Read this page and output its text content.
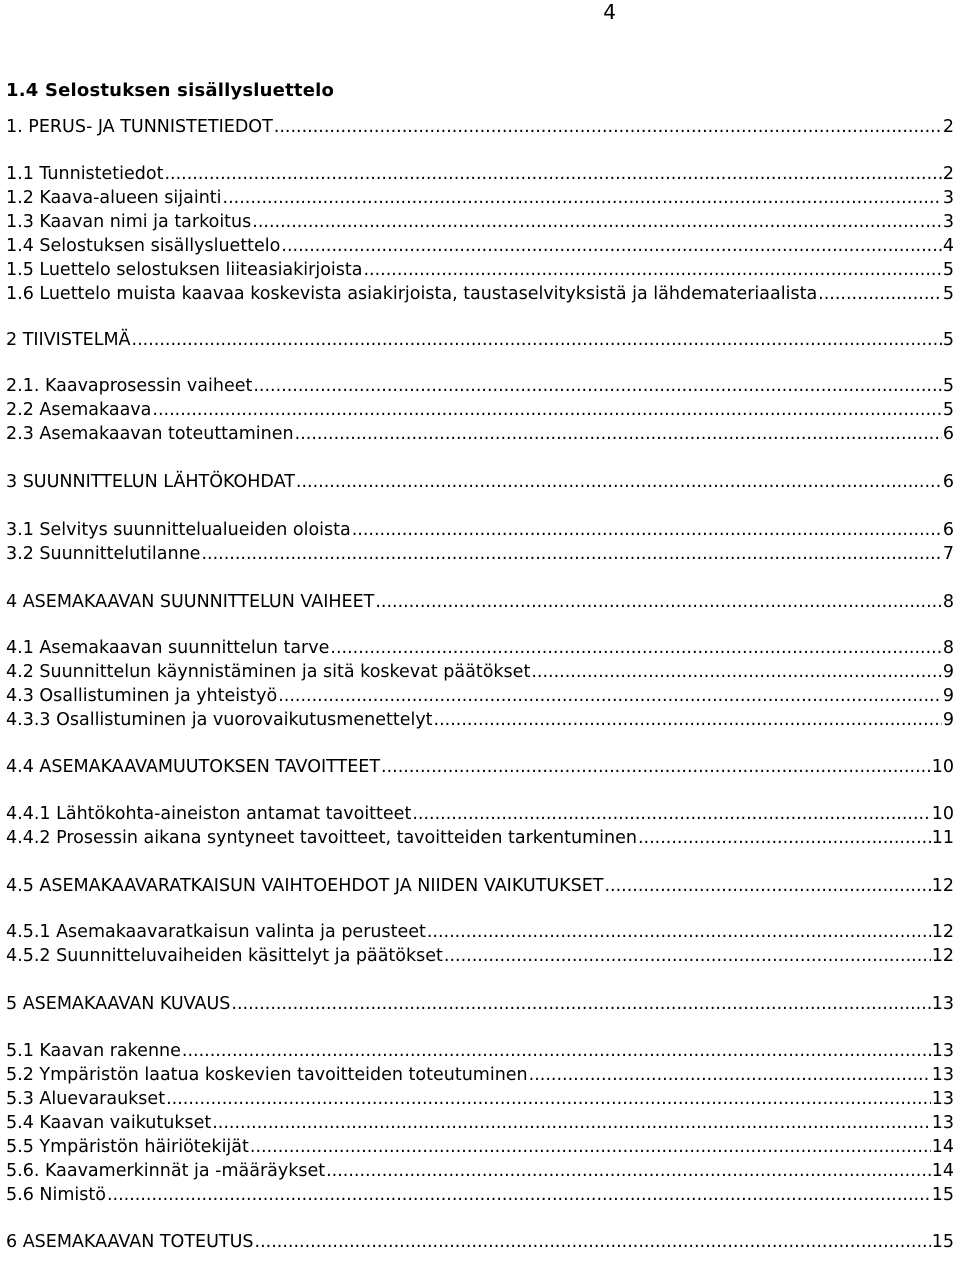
4
1.4 Selostuksen sisällysluettelo
1. PERUS- JA TUNNISTETIEDOT .....	2
1.1 Tunnistetiedot .....	2
1.2 Kaava-alueen sijainti .....	3
1.3 Kaavan nimi ja tarkoitus .....	3
1.4 Selostuksen sisällysluettelo .....	4
1.5 Luettelo selostuksen liiteasiakirjoista .....	5
1.6 Luettelo muista kaavaa koskevista asiakirjoista, taustaselvityksistä ja lähdemateriaalista .....	5
2 TIIVISTELMÄ .....	5
2.1. Kaavaprosessin vaiheet .....	5
2.2 Asemakaava .....	5
2.3 Asemakaavan toteuttaminen .....	6
3 SUUNNITTELUN LÄHTÖKOHDAT .....	6
3.1 Selvitys suunnittelualueiden oloista .....	6
3.2 Suunnittelutilanne .....	7
4 ASEMAKAAVAN SUUNNITTELUN VAIHEET .....	8
4.1 Asemakaavan suunnittelun tarve .....	8
4.2 Suunnittelun käynnistäminen ja sitä koskevat päätökset .....	9
4.3 Osallistuminen ja yhteistyö .....	9
4.3.3 Osallistuminen ja vuorovaikutusmenettelyt .....	9
4.4 ASEMAKAAVAMUUTOKSEN TAVOITTEET .....	10
4.4.1 Lähtökohta-aineiston antamat tavoitteet .....	10
4.4.2 Prosessin aikana syntyneet tavoitteet, tavoitteiden tarkentuminen .....	11
4.5 ASEMAKAAVARATKAISUN VAIHTOEHDOT JA NIIDEN VAIKUTUKSET .....	12
4.5.1 Asemakaavaratkaisun valinta ja perusteet .....	12
4.5.2 Suunnitteluvaiheiden käsittelyt ja päätökset .....	12
5 ASEMAKAAVAN KUVAUS .....	13
5.1 Kaavan rakenne .....	13
5.2 Ympäristön laatua koskevien tavoitteiden toteutuminen .....	13
5.3 Aluevaraukset .....	13
5.4 Kaavan vaikutukset .....	13
5.5 Ympäristön häiriötekijät .....	14
5.6. Kaavamerkinnät ja -määräykset .....	14
5.6 Nimistö .....	15
6 ASEMAKAAVAN TOTEUTUS .....	15
